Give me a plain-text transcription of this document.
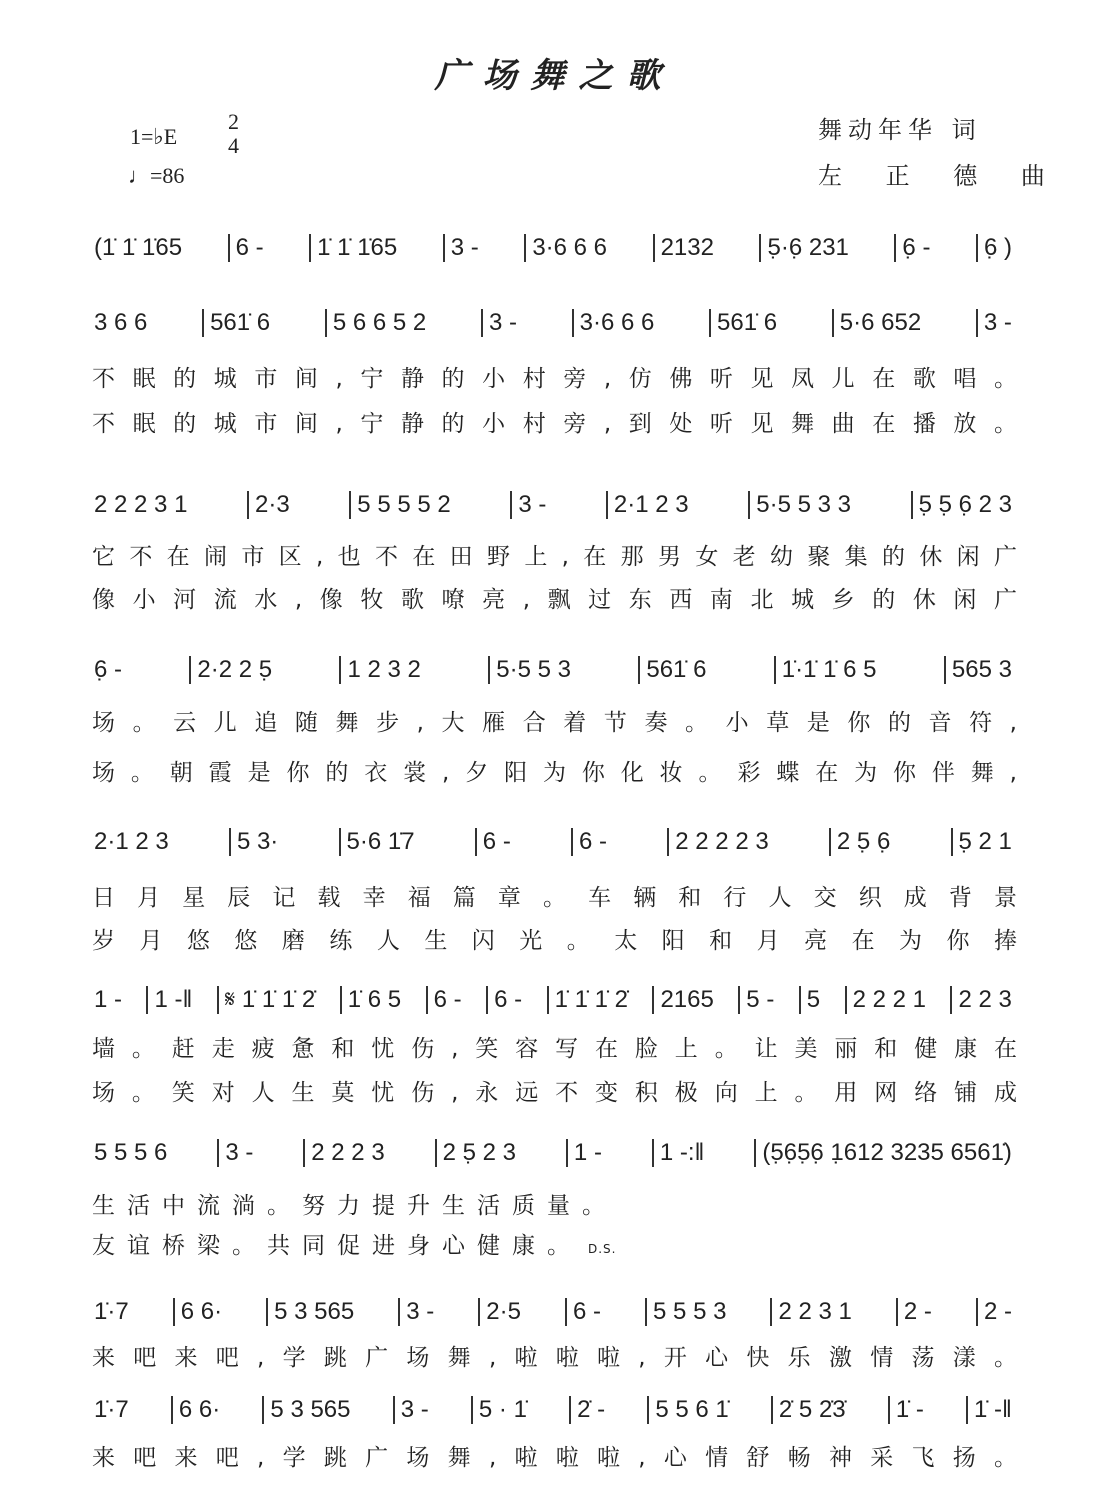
广场舞之歌
1=♭E
2
4
♩=86
舞动年华 词
左 正 德 曲
(1̇ 1̇ 1̇65	6 -	1̇ 1̇ 1̇65	3 -	3·6 6 6	2132	5̣·6̣ 231	6̣ -	6̣ )
3 6 6	561̇ 6	5 6 6 5 2	3 -	3·6 6 6	561̇ 6	5·6 652	3 -
不眠的城市间,宁静的小村旁,仿佛听见凤儿在歌唱。
不眠的城市间,宁静的小村旁,到处听见舞曲在播放。
2 2 2 3 1	2·3	5 5 5 5 2	3 -	2·1 2 3	5·5 5 3 3	5̣ 5̣ 6̣ 2 3
它不在闹市区,也不在田野上,在那男女老幼聚集的休闲广
像小河流水,像牧歌嘹亮,飘过东西南北城乡的休闲广
6̣ -	2·2 2 5̣	1 2 3 2	5·5 5 3	561̇ 6	1̇·1̇ 1̇ 6 5	565 3
场。云儿追随舞步,大雁合着节奏。小草是你的音符,
场。朝霞是你的衣裳,夕阳为你化妆。彩蝶在为你伴舞,
2·1 2 3	5 3·	5·6 1̇7	6 -	6 -	2 2 2 2 3	2 5̣ 6̣	5̣ 2 1
日月星辰记载幸福篇章。车辆和行人交织成背景
岁月悠悠磨练人生闪光。太阳和月亮在为你捧
1 -	1 -‖	𝄋 1̇ 1̇ 1̇ 2̇	1̇ 6 5	6 -	6 -	1̇ 1̇ 1̇ 2̇	2165	5 -	5	2 2 2 1	2 2 3
墙。赶走疲惫和忧伤,笑容写在脸上。让美丽和健康在
场。笑对人生莫忧伤,永远不变积极向上。用网络铺成
5 5 5 6	3 -	2 2 2 3	2 5̣ 2 3	1 -	1 -:‖	(5̣6̣5̣6̣ 1̣612 3235 6561̇)
生活中流淌。努力提升生活质量。
友谊桥梁。共同促进身心健康。 D.S.
1̇·7	6 6·	5 3 565	3 -	2·5	6 -	5 5 5 3	2 2 3 1	2 -	2 -
来吧来吧,学跳广场舞,啦啦啦,开心快乐激情荡漾。
1̇·7	6 6·	5 3 565	3 -	5 · 1̇	2̇ -	5 5 6 1̇	2̇ 5 2̇3̇	1̇ -	1̇ -‖
来吧来吧,学跳广场舞,啦啦啦,心情舒畅神采飞扬。
